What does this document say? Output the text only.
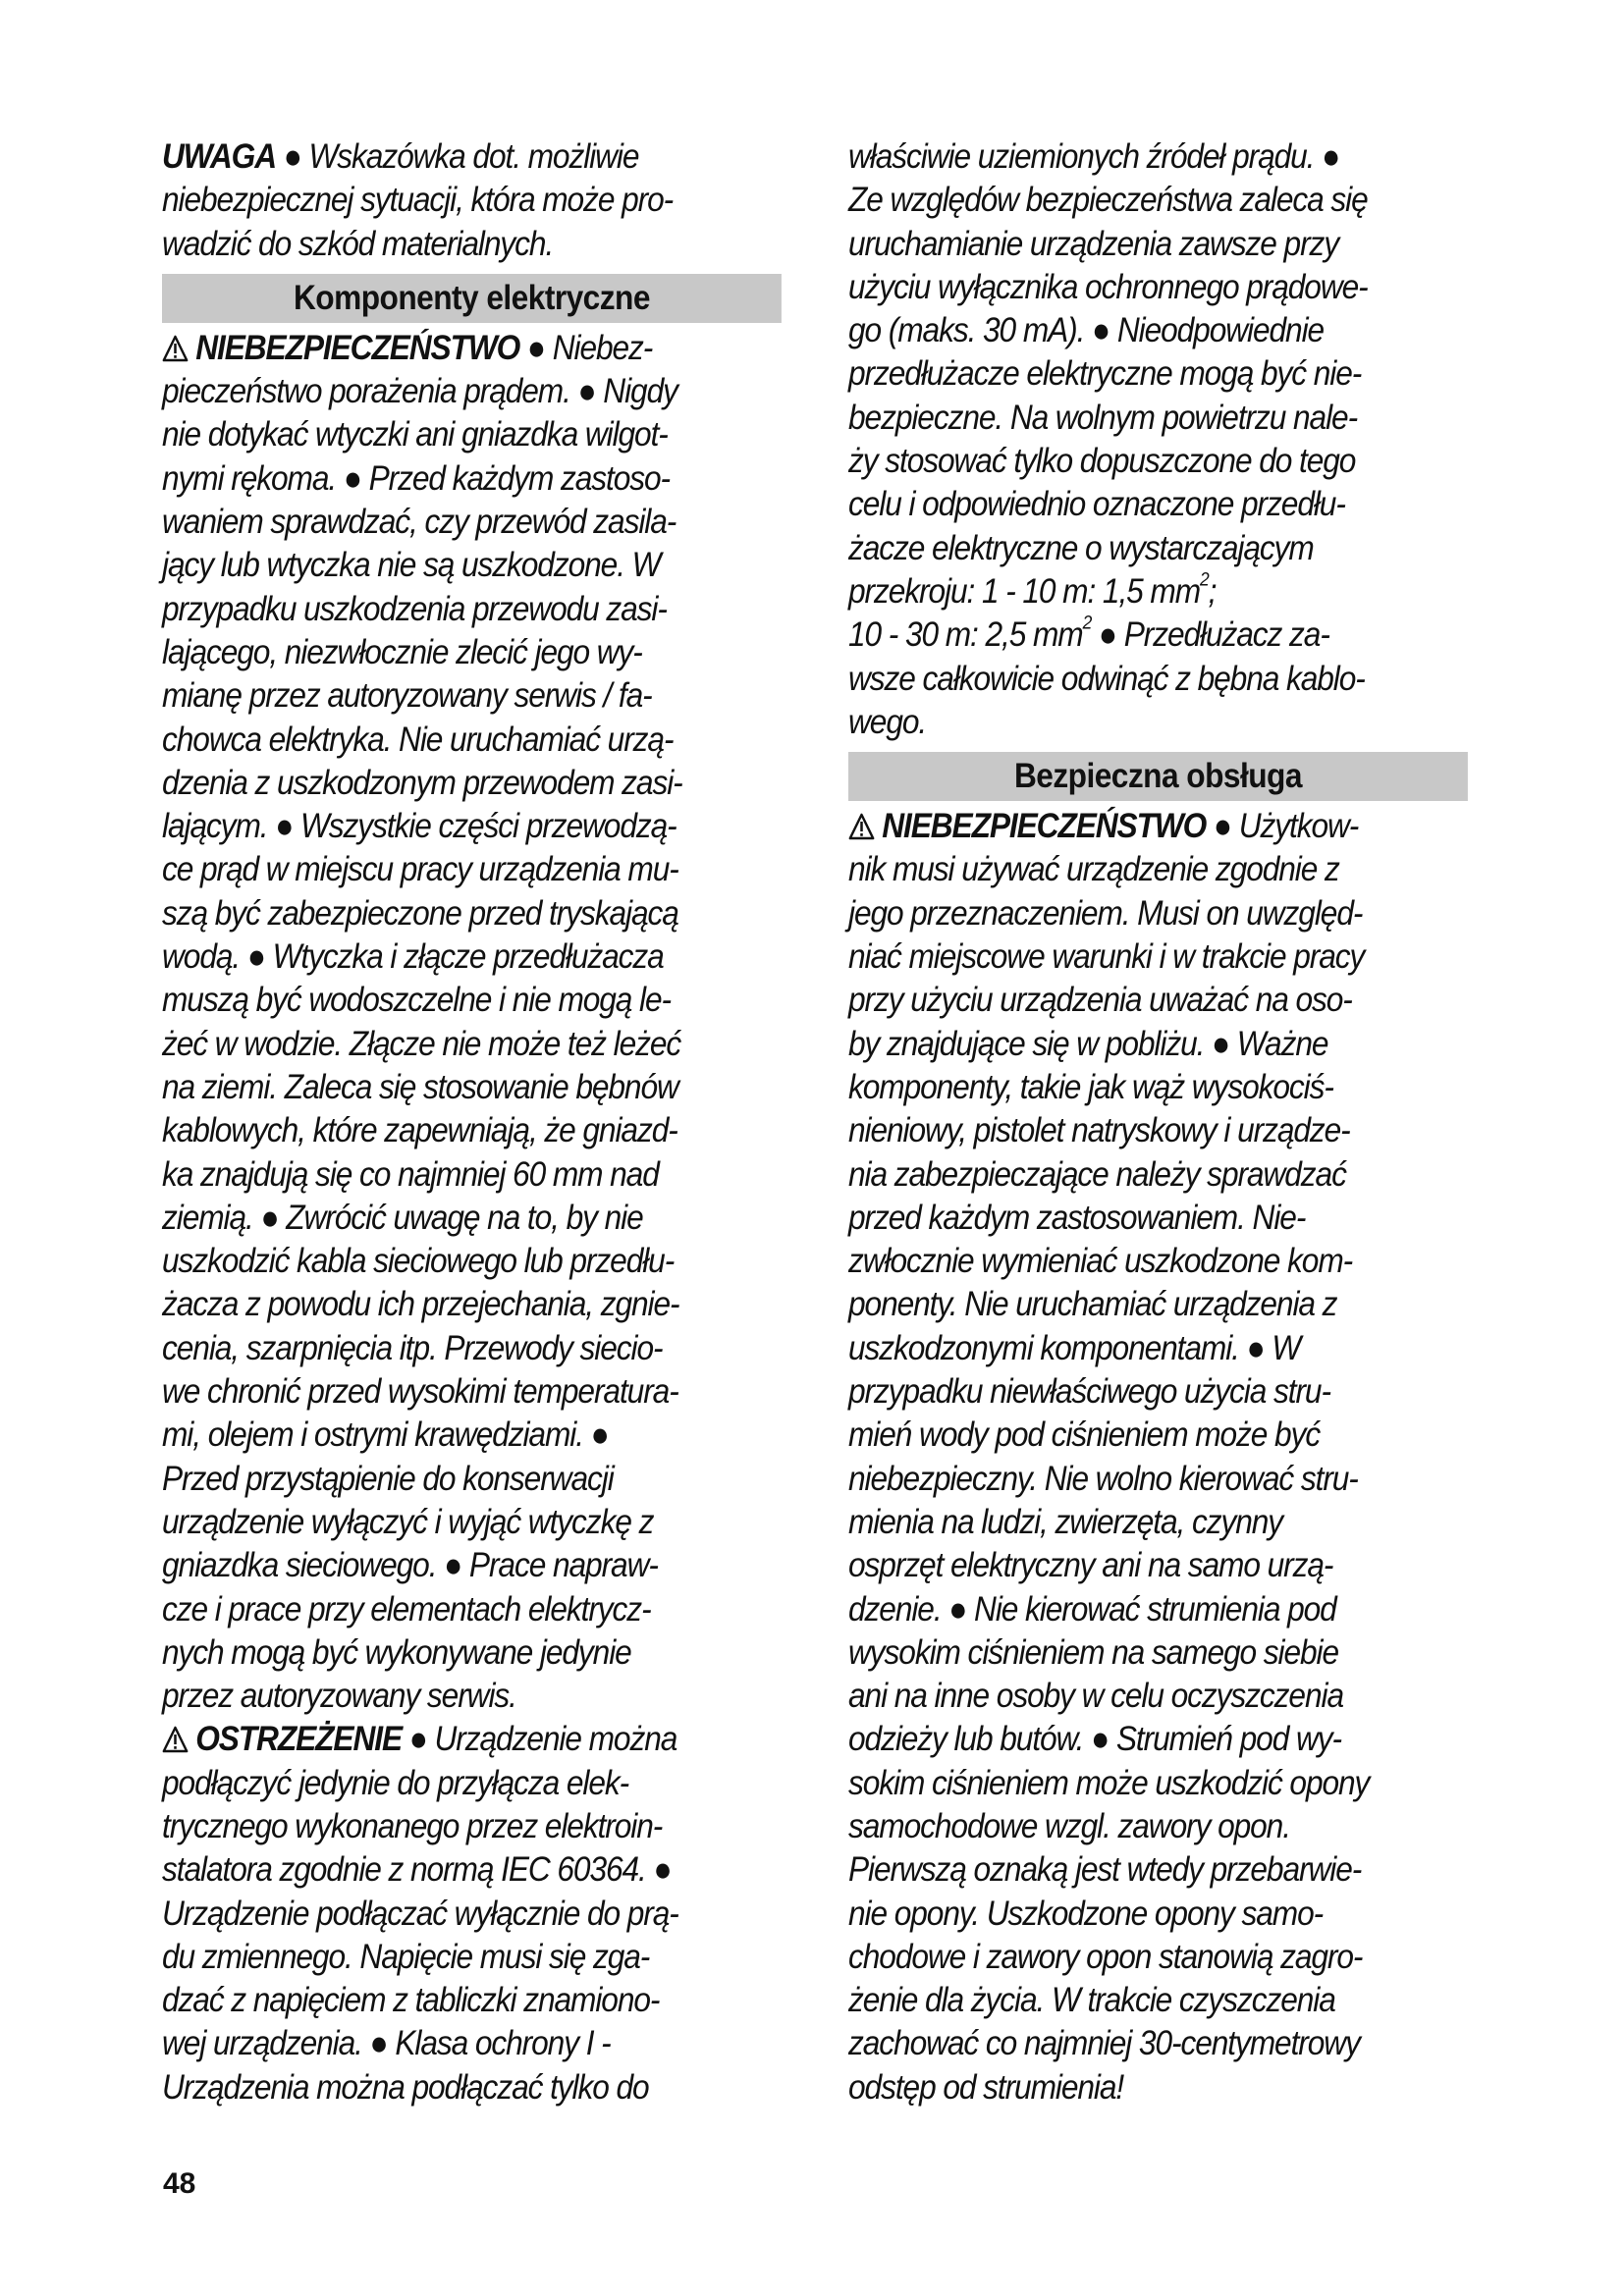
UWAGA ● Wskazówka dot. możliwie
niebezpiecznej sytuacji, która może pro-
wadzić do szkód materialnych.
Komponenty elektryczne
NIEBEZPIECZEŃSTWO ● Niebez-
pieczeństwo porażenia prądem. ● Nigdy
nie dotykać wtyczki ani gniazdka wilgot-
nymi rękoma. ● Przed każdym zastoso-
waniem sprawdzać, czy przewód zasila-
jący lub wtyczka nie są uszkodzone. W
przypadku uszkodzenia przewodu zasi-
lającego, niezwłocznie zlecić jego wy-
mianę przez autoryzowany serwis / fa-
chowca elektryka. Nie uruchamiać urzą-
dzenia z uszkodzonym przewodem zasi-
lającym. ● Wszystkie części przewodzą-
ce prąd w miejscu pracy urządzenia mu-
szą być zabezpieczone przed tryskającą
wodą. ● Wtyczka i złącze przedłużacza
muszą być wodoszczelne i nie mogą le-
żeć w wodzie. Złącze nie może też leżeć
na ziemi. Zaleca się stosowanie bębnów
kablowych, które zapewniają, że gniazd-
ka znajdują się co najmniej 60 mm nad
ziemią. ● Zwrócić uwagę na to, by nie
uszkodzić kabla sieciowego lub przedłu-
żacza z powodu ich przejechania, zgnie-
cenia, szarpnięcia itp. Przewody siecio-
we chronić przed wysokimi temperatura-
mi, olejem i ostrymi krawędziami. ●
Przed przystąpienie do konserwacji
urządzenie wyłączyć i wyjąć wtyczkę z
gniazdka sieciowego. ● Prace napraw-
cze i prace przy elementach elektrycz-
nych mogą być wykonywane jedynie
przez autoryzowany serwis.
OSTRZEŻENIE ● Urządzenie można
podłączyć jedynie do przyłącza elek-
trycznego wykonanego przez elektroin-
stalatora zgodnie z normą IEC 60364. ●
Urządzenie podłączać wyłącznie do prą-
du zmiennego. Napięcie musi się zga-
dzać z napięciem z tabliczki znamiono-
wej urządzenia. ● Klasa ochrony I -
Urządzenia można podłączać tylko do
właściwie uziemionych źródeł prądu. ●
Ze względów bezpieczeństwa zaleca się
uruchamianie urządzenia zawsze przy
użyciu wyłącznika ochronnego prądowe-
go (maks. 30 mA). ● Nieodpowiednie
przedłużacze elektryczne mogą być nie-
bezpieczne. Na wolnym powietrzu nale-
ży stosować tylko dopuszczone do tego
celu i odpowiednio oznaczone przedłu-
żacze elektryczne o wystarczającym
przekroju: 1 - 10 m: 1,5 $mm^2$;
10 - 30 m: 2,5 $mm^2$ ● Przedłużacz za-
wsze całkowicie odwinąć z bębna kablo-
wego.
Bezpieczna obsługa
NIEBEZPIECZEŃSTWO ● Użytkow-
nik musi używać urządzenie zgodnie z
jego przeznaczeniem. Musi on uwzględ-
niać miejscowe warunki i w trakcie pracy
przy użyciu urządzenia uważać na oso-
by znajdujące się w pobliżu. ● Ważne
komponenty, takie jak wąż wysokociś-
nieniowy, pistolet natryskowy i urządze-
nia zabezpieczające należy sprawdzać
przed każdym zastosowaniem. Nie-
zwłocznie wymieniać uszkodzone kom-
ponenty. Nie uruchamiać urządzenia z
uszkodzonymi komponentami. ● W
przypadku niewłaściwego użycia stru-
mień wody pod ciśnieniem może być
niebezpieczny. Nie wolno kierować stru-
mienia na ludzi, zwierzęta, czynny
osprzęt elektryczny ani na samo urzą-
dzenie. ● Nie kierować strumienia pod
wysokim ciśnieniem na samego siebie
ani na inne osoby w celu oczyszczenia
odzieży lub butów. ● Strumień pod wy-
sokim ciśnieniem może uszkodzić opony
samochodowe wzgl. zawory opon.
Pierwszą oznaką jest wtedy przebarwie-
nie opony. Uszkodzone opony samo-
chodowe i zawory opon stanowią zagro-
żenie dla życia. W trakcie czyszczenia
zachować co najmniej 30-centymetrowy
odstęp od strumienia!
48
